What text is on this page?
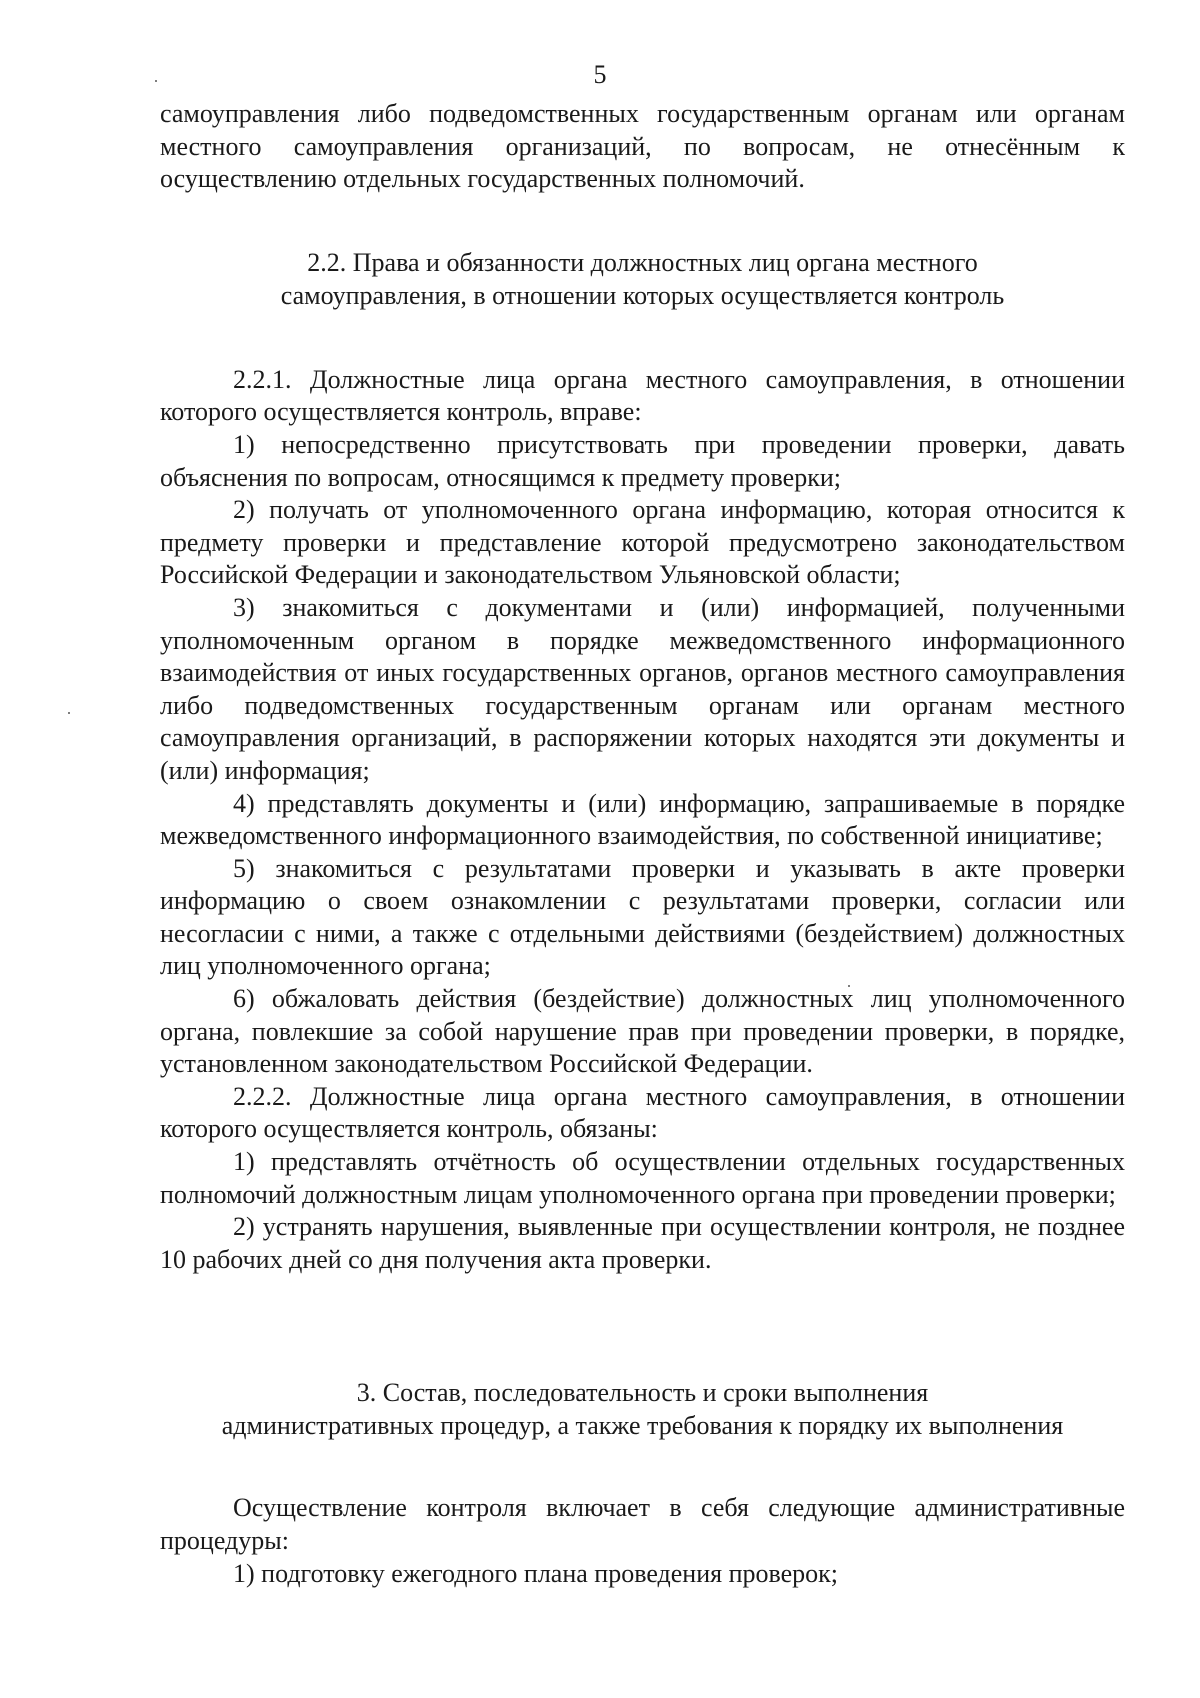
5

самоуправления либо подведомственных государственным органам или органам местного самоуправления организаций, по вопросам, не отнесённым к осуществлению отдельных государственных полномочий.

2.2. Права и обязанности должностных лиц органа местного
самоуправления, в отношении которых осуществляется контроль

2.2.1. Должностные лица органа местного самоуправления, в отношении которого осуществляется контроль, вправе:

1) непосредственно присутствовать при проведении проверки, давать объяснения по вопросам, относящимся к предмету проверки;

2) получать от уполномоченного органа информацию, которая относится к предмету проверки и представление которой предусмотрено законодательством Российской Федерации и законодательством Ульяновской области;

3) знакомиться с документами и (или) информацией, полученными уполномоченным органом в порядке межведомственного информационного взаимодействия от иных государственных органов, органов местного самоуправления либо подведомственных государственным органам или органам местного самоуправления организаций, в распоряжении которых находятся эти документы и (или) информация;

4) представлять документы и (или) информацию, запрашиваемые в порядке межведомственного информационного взаимодействия, по собственной инициативе;

5) знакомиться с результатами проверки и указывать в акте проверки информацию о своем ознакомлении с результатами проверки, согласии или несогласии с ними, а также с отдельными действиями (бездействием) должностных лиц уполномоченного органа;

6) обжаловать действия (бездействие) должностных лиц уполномоченного органа, повлекшие за собой нарушение прав при проведении проверки, в порядке, установленном законодательством Российской Федерации.

2.2.2. Должностные лица органа местного самоуправления, в отношении которого осуществляется контроль, обязаны:

1) представлять отчётность об осуществлении отдельных государственных полномочий должностным лицам уполномоченного органа при проведении проверки;

2) устранять нарушения, выявленные при осуществлении контроля, не позднее 10 рабочих дней со дня получения акта проверки.

3. Состав, последовательность и сроки выполнения
административных процедур, а также требования к порядку их выполнения

Осуществление контроля включает в себя следующие административные процедуры:

1) подготовку ежегодного плана проведения проверок;
